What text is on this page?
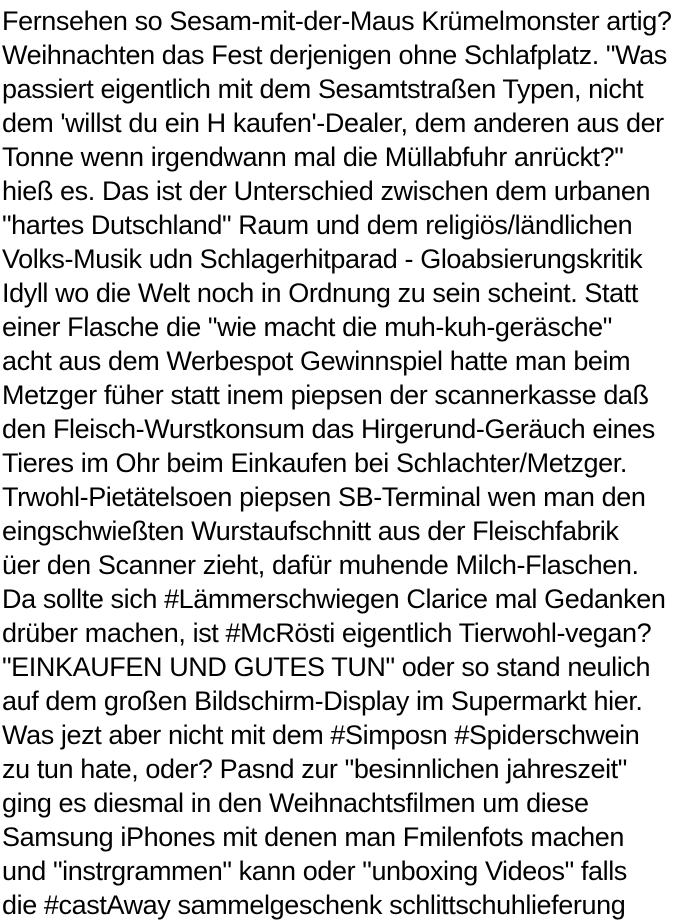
Fernsehen so Sesam-mit-der-Maus Krümelmonster artig?
Weihnachten das Fest derjenigen ohne Schlafplatz. "Was
passiert eigentlich mit dem Sesamtstraßen Typen, nicht
dem 'willst du ein H kaufen'-Dealer, dem anderen aus der
Tonne wenn irgendwann mal die Müllabfuhr anrückt?"
hieß es. Das ist der Unterschied zwischen dem urbanen
"hartes Dutschland" Raum und dem religiös/ländlichen
Volks-Musik udn Schlagerhitparad - Gloabsierungskritik
Idyll wo die Welt noch in Ordnung zu sein scheint. Statt
einer Flasche die "wie macht die muh-kuh-geräsche"
acht aus dem Werbespot Gewinnspiel hatte man beim
Metzger füher statt inem piepsen der scannerkasse daß
den Fleisch-Wurstkonsum das Hirgerund-Geräuch eines
Tieres im Ohr beim Einkaufen bei Schlachter/Metzger.
Trwohl-Pietätelsoen piepsen SB-Terminal wen man den
eingschwießten Wurstaufschnitt aus der Fleischfabrik
üer den Scanner zieht, dafür muhende Milch-Flaschen.
Da sollte sich #Lämmerschwiegen Clarice mal Gedanken
drüber machen, ist #McRösti eigentlich Tierwohl-vegan?
"EINKAUFEN UND GUTES TUN" oder so stand neulich
auf dem großen Bildschirm-Display im Supermarkt hier.
Was jezt aber nicht mit dem #Simposn #Spiderschwein
zu tun hate, oder? Pasnd zur "besinnlichen jahreszeit"
ging es diesmal in den Weihnachtsfilmen um diese
Samsung iPhones mit denen man Fmilenfots machen
und "instrgrammen" kann oder "unboxing Videos" falls
die #castAway sammelgeschenk schlittschuhlieferung
